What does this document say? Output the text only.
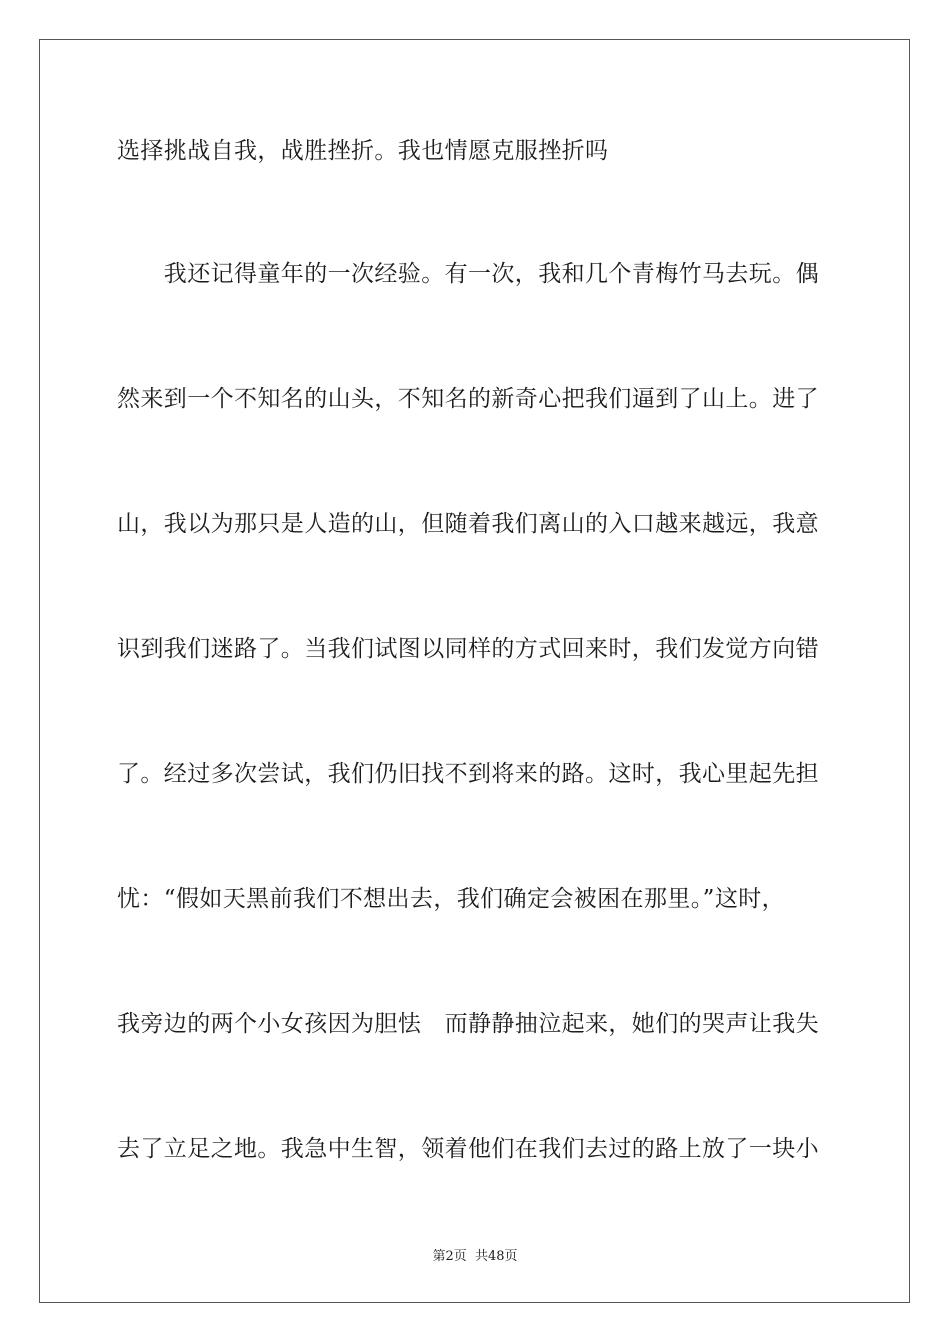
选择挑战自我，战胜挫折。我也情愿克服挫折吗
　　我还记得童年的一次经验。有一次，我和几个青梅竹马去玩。偶
然来到一个不知名的山头，不知名的新奇心把我们逼到了山上。进了
山，我以为那只是人造的山，但随着我们离山的入口越来越远，我意
识到我们迷路了。当我们试图以同样的方式回来时，我们发觉方向错
了。经过多次尝试，我们仍旧找不到将来的路。这时，我心里起先担
忧：“假如天黑前我们不想出去，我们确定会被困在那里。”这时，
我旁边的两个小女孩因为胆怯　而静静抽泣起来，她们的哭声让我失
去了立足之地。我急中生智，领着他们在我们去过的路上放了一块小
第2页 共48页
